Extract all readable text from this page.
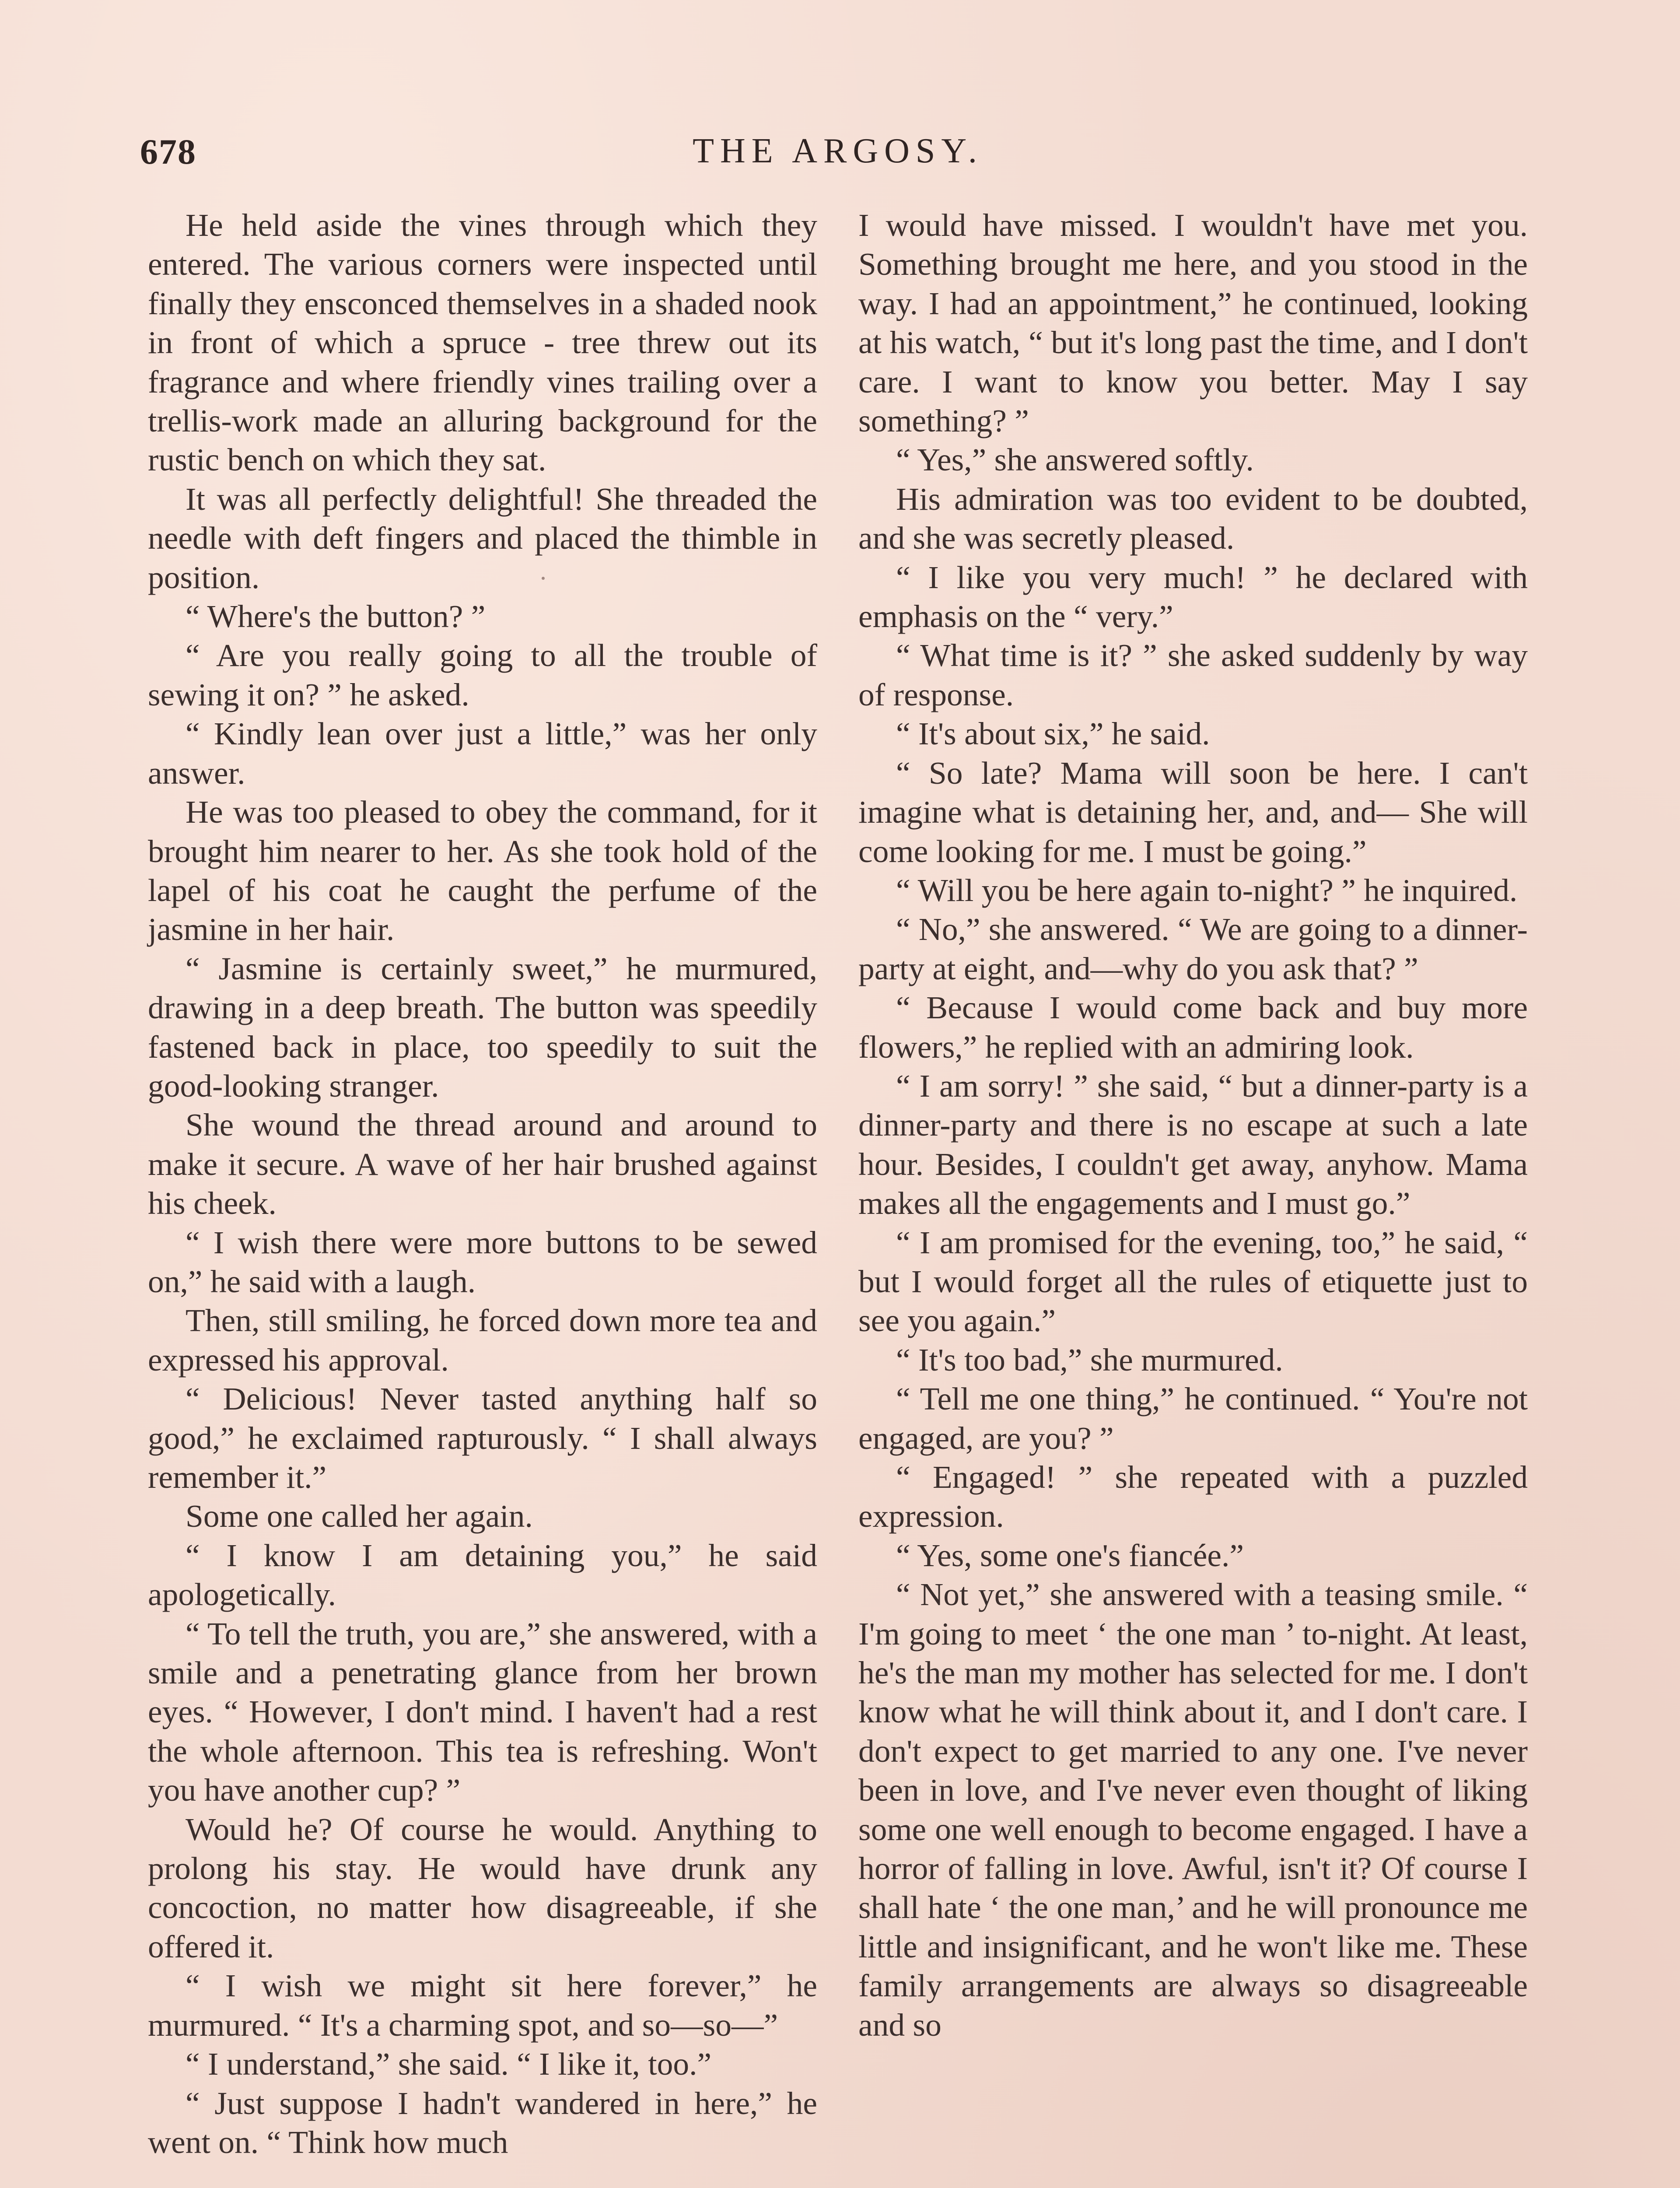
678	THE ARGOSY.

He held aside the vines through which they entered. The various corners were inspected until finally they ensconced themselves in a shaded nook in front of which a spruce - tree threw out its fragrance and where friendly vines trailing over a trellis-work made an alluring background for the rustic bench on which they sat.

It was all perfectly delightful! She threaded the needle with deft fingers and placed the thimble in position.

“ Where's the button? ”

“ Are you really going to all the trouble of sewing it on? ” he asked.

“ Kindly lean over just a little,” was her only answer.

He was too pleased to obey the command, for it brought him nearer to her. As she took hold of the lapel of his coat he caught the perfume of the jasmine in her hair.

“ Jasmine is certainly sweet,” he murmured, drawing in a deep breath. The button was speedily fastened back in place, too speedily to suit the good-looking stranger.

She wound the thread around and around to make it secure. A wave of her hair brushed against his cheek.

“ I wish there were more buttons to be sewed on,” he said with a laugh.

Then, still smiling, he forced down more tea and expressed his approval.

“ Delicious! Never tasted anything half so good,” he exclaimed rapturously. “ I shall always remember it.”

Some one called her again.

“ I know I am detaining you,” he said apologetically.

“ To tell the truth, you are,” she answered, with a smile and a penetrating glance from her brown eyes. “ However, I don't mind. I haven't had a rest the whole afternoon. This tea is refreshing. Won't you have another cup? ”

Would he? Of course he would. Anything to prolong his stay. He would have drunk any concoction, no matter how disagreeable, if she offered it.

“ I wish we might sit here forever,” he murmured. “ It's a charming spot, and so—so—”

“ I understand,” she said. “ I like it, too.”

“ Just suppose I hadn't wandered in here,” he went on. “ Think how much

I would have missed. I wouldn't have met you. Something brought me here, and you stood in the way. I had an appointment,” he continued, looking at his watch, “ but it's long past the time, and I don't care. I want to know you better. May I say something? ”

“ Yes,” she answered softly.

His admiration was too evident to be doubted, and she was secretly pleased.

“ I like you very much! ” he declared with emphasis on the “ very.”

“ What time is it? ” she asked suddenly by way of response.

“ It's about six,” he said.

“ So late? Mama will soon be here. I can't imagine what is detaining her, and, and— She will come looking for me. I must be going.”

“ Will you be here again to-night? ” he inquired.

“ No,” she answered. “ We are going to a dinner-party at eight, and—why do you ask that? ”

“ Because I would come back and buy more flowers,” he replied with an admiring look.

“ I am sorry! ” she said, “ but a dinner-party is a dinner-party and there is no escape at such a late hour. Besides, I couldn't get away, anyhow. Mama makes all the engagements and I must go.”

“ I am promised for the evening, too,” he said, “ but I would forget all the rules of etiquette just to see you again.”

“ It's too bad,” she murmured.

“ Tell me one thing,” he continued. “ You're not engaged, are you? ”

“ Engaged! ” she repeated with a puzzled expression.

“ Yes, some one's fiancée.”

“ Not yet,” she answered with a teasing smile. “ I'm going to meet ‘ the one man ’ to-night. At least, he's the man my mother has selected for me. I don't know what he will think about it, and I don't care. I don't expect to get married to any one. I've never been in love, and I've never even thought of liking some one well enough to become engaged. I have a horror of falling in love. Awful, isn't it? Of course I shall hate ‘ the one man,’ and he will pronounce me little and insignificant, and he won't like me. These family arrangements are always so disagreeable and so
